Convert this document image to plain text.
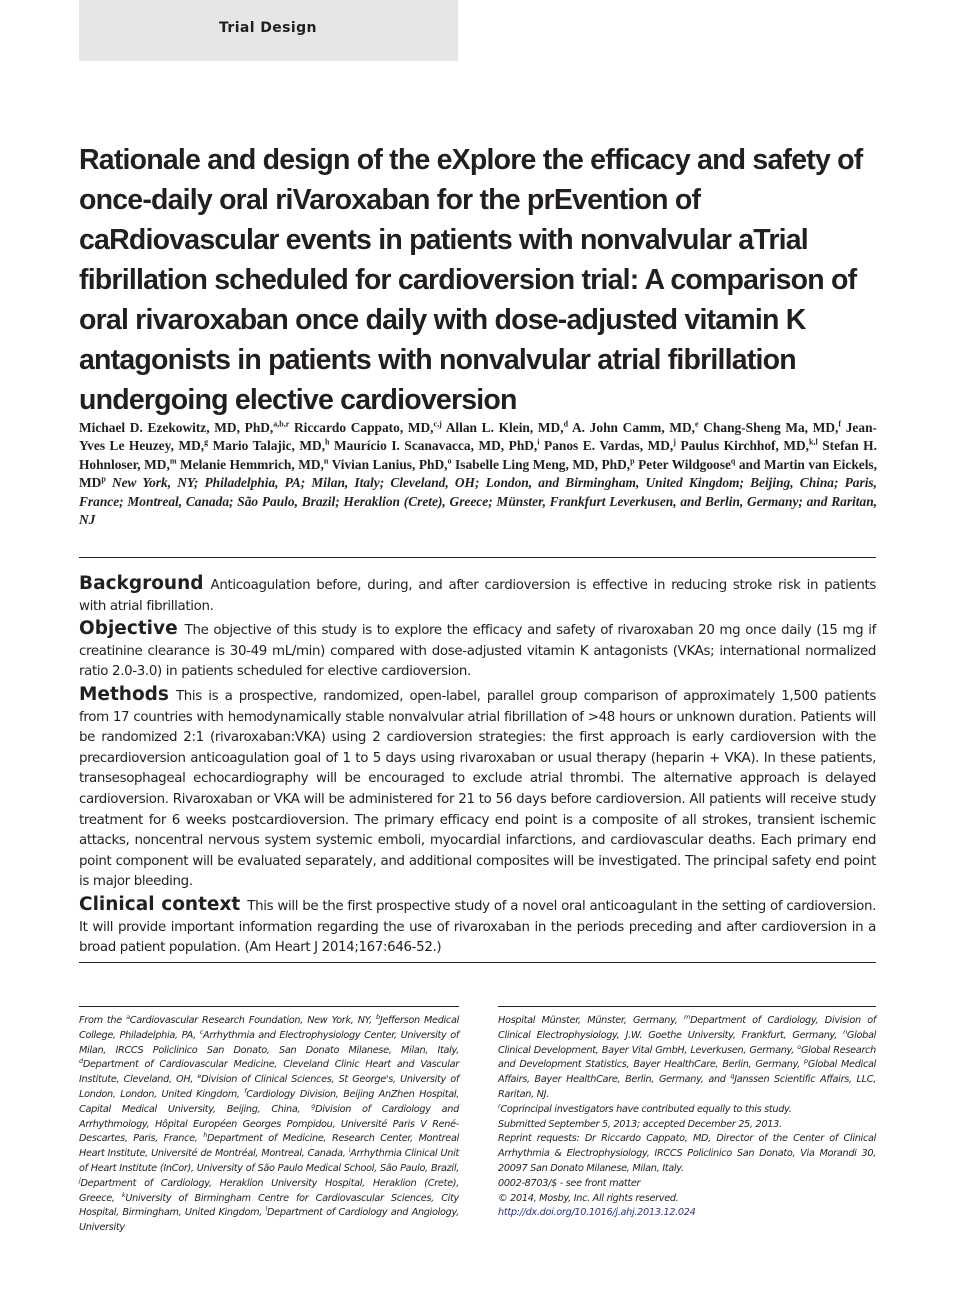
Trial Design
Rationale and design of the eXplore the efficacy and safety of once-daily oral riVaroxaban for the prEvention of caRdiovascular events in patients with nonvalvular aTrial fibrillation scheduled for cardioversion trial: A comparison of oral rivaroxaban once daily with dose-adjusted vitamin K antagonists in patients with nonvalvular atrial fibrillation undergoing elective cardioversion

Michael D. Ezekowitz, MD, PhD,$^{a,b,r}$ Riccardo Cappato, MD,$^{c,j}$ Allan L. Klein, MD,$^d$ A. John Camm, MD,$^e$ Chang-Sheng Ma, MD,$^f$ Jean-Yves Le Heuzey, MD,$^g$ Mario Talajic, MD,$^h$ Maurício I. Scanavacca, MD, PhD,$^i$ Panos E. Vardas, MD,$^j$ Paulus Kirchhof, MD,$^{k,l}$ Stefan H. Hohnloser, MD,$^m$ Melanie Hemmrich, MD,$^n$ Vivian Lanius, PhD,$^o$ Isabelle Ling Meng, MD, PhD,$^p$ Peter Wildgoose$^q$ and Martin van Eickels, $MD^p$ New York, NY; Philadelphia, PA; Milan, Italy; Cleveland, OH; London, and Birmingham, United Kingdom; Beijing, China; Paris, France; Montreal, Canada; São Paulo, Brazil; Heraklion (Crete), Greece; Münster, Frankfurt Leverkusen, and Berlin, Germany; and Raritan, NJ

Background Anticoagulation before, during, and after cardioversion is effective in reducing stroke risk in patients with atrial fibrillation.

Objective The objective of this study is to explore the efficacy and safety of rivaroxaban 20 mg once daily (15 mg if creatinine clearance is 30-49 mL/min) compared with dose-adjusted vitamin K antagonists (VKAs; international normalized ratio 2.0-3.0) in patients scheduled for elective cardioversion.

Methods This is a prospective, randomized, open-label, parallel group comparison of approximately 1,500 patients from 17 countries with hemodynamically stable nonvalvular atrial fibrillation of >48 hours or unknown duration. Patients will be randomized 2:1 (rivaroxaban:VKA) using 2 cardioversion strategies: the first approach is early cardioversion with the precardioversion anticoagulation goal of 1 to 5 days using rivaroxaban or usual therapy (heparin + VKA). In these patients, transesophageal echocardiography will be encouraged to exclude atrial thrombi. The alternative approach is delayed cardioversion. Rivaroxaban or VKA will be administered for 21 to 56 days before cardioversion. All patients will receive study treatment for 6 weeks postcardioversion. The primary efficacy end point is a composite of all strokes, transient ischemic attacks, noncentral nervous system systemic emboli, myocardial infarctions, and cardiovascular deaths. Each primary end point component will be evaluated separately, and additional composites will be investigated. The principal safety end point is major bleeding.

Clinical context This will be the first prospective study of a novel oral anticoagulant in the setting of cardioversion. It will provide important information regarding the use of rivaroxaban in the periods preceding and after cardioversion in a broad patient population. (Am Heart J 2014;167:646-52.)

From the $^a$Cardiovascular Research Foundation, New York, NY, $^b$Jefferson Medical College, Philadelphia, PA, $^c$Arrhythmia and Electrophysiology Center, University of Milan, IRCCS Policlinico San Donato, San Donato Milanese, Milan, Italy, $^d$Department of Cardiovascular Medicine, Cleveland Clinic Heart and Vascular Institute, Cleveland, OH, $^e$Division of Clinical Sciences, St George's, University of London, London, United Kingdom, $^f$Cardiology Division, Beijing AnZhen Hospital, Capital Medical University, Beijing, China, $^g$Division of Cardiology and Arrhythmology, Hôpital Européen Georges Pompidou, Université Paris V René-Descartes, Paris, France, $^h$Department of Medicine, Research Center, Montreal Heart Institute, Université de Montréal, Montreal, Canada, $^i$Arrhythmia Clinical Unit of Heart Institute (InCor), University of São Paulo Medical School, São Paulo, Brazil, $^j$Department of Cardiology, Heraklion University Hospital, Heraklion (Crete), Greece, $^k$University of Birmingham Centre for Cardiovascular Sciences, City Hospital, Birmingham, United Kingdom, $^l$Department of Cardiology and Angiology, University

Hospital Münster, Münster, Germany, $^m$Department of Cardiology, Division of Clinical Electrophysiology, J.W. Goethe University, Frankfurt, Germany, $^n$Global Clinical Development, Bayer Vital GmbH, Leverkusen, Germany, $^o$Global Research and Development Statistics, Bayer HealthCare, Berlin, Germany, $^p$Global Medical Affairs, Bayer HealthCare, Berlin, Germany, and $^q$Janssen Scientific Affairs, LLC, Raritan, NJ.
$^r$Coprincipal investigators have contributed equally to this study.
Submitted September 5, 2013; accepted December 25, 2013.
Reprint requests: Dr Riccardo Cappato, MD, Director of the Center of Clinical Arrhythmia & Electrophysiology, IRCCS Policlinico San Donato, Via Morandi 30, 20097 San Donato Milanese, Milan, Italy.
0002-8703/$ - see front matter
© 2014, Mosby, Inc. All rights reserved.
http://dx.doi.org/10.1016/j.ahj.2013.12.024
